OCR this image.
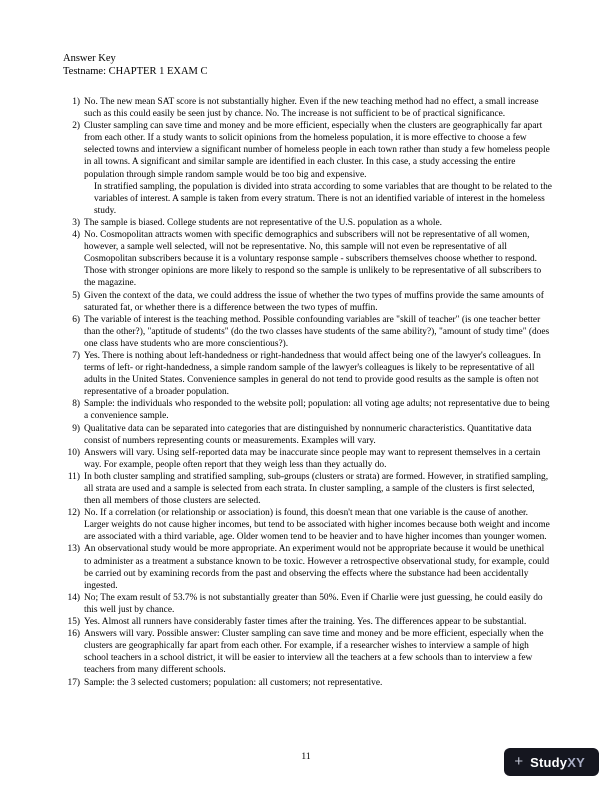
Answer Key
Testname: CHAPTER 1 EXAM C
1) No. The new mean SAT score is not substantially higher. Even if the new teaching method had no effect, a small increase such as this could easily be seen just by chance. No. The increase is not sufficient to be of practical significance.
2) Cluster sampling can save time and money and be more efficient, especially when the clusters are geographically far apart from each other. If a study wants to solicit opinions from the homeless population, it is more effective to choose a few selected towns and interview a significant number of homeless people in each town rather than study a few homeless people in all towns. A significant and similar sample are identified in each cluster. In this case, a study accessing the entire population through simple random sample would be too big and expensive.
In stratified sampling, the population is divided into strata according to some variables that are thought to be related to the variables of interest. A sample is taken from every stratum. There is not an identified variable of interest in the homeless study.
3) The sample is biased. College students are not representative of the U.S. population as a whole.
4) No. Cosmopolitan attracts women with specific demographics and subscribers will not be representative of all women, however, a sample well selected, will not be representative. No, this sample will not even be representative of all Cosmopolitan subscribers because it is a voluntary response sample - subscribers themselves choose whether to respond. Those with stronger opinions are more likely to respond so the sample is unlikely to be representative of all subscribers to the magazine.
5) Given the context of the data, we could address the issue of whether the two types of muffins provide the same amounts of saturated fat, or whether there is a difference between the two types of muffin.
6) The variable of interest is the teaching method. Possible confounding variables are "skill of teacher" (is one teacher better than the other?), "aptitude of students" (do the two classes have students of the same ability?), "amount of study time" (does one class have students who are more conscientious?).
7) Yes. There is nothing about left-handedness or right-handedness that would affect being one of the lawyer's colleagues. In terms of left- or right-handedness, a simple random sample of the lawyer's colleagues is likely to be representative of all adults in the United States. Convenience samples in general do not tend to provide good results as the sample is often not representative of a broader population.
8) Sample: the individuals who responded to the website poll; population: all voting age adults; not representative due to being a convenience sample.
9) Qualitative data can be separated into categories that are distinguished by nonnumeric characteristics. Quantitative data consist of numbers representing counts or measurements. Examples will vary.
10) Answers will vary. Using self-reported data may be inaccurate since people may want to represent themselves in a certain way. For example, people often report that they weigh less than they actually do.
11) In both cluster sampling and stratified sampling, sub-groups (clusters or strata) are formed. However, in stratified sampling, all strata are used and a sample is selected from each strata. In cluster sampling, a sample of the clusters is first selected, then all members of those clusters are selected.
12) No. If a correlation (or relationship or association) is found, this doesn't mean that one variable is the cause of another. Larger weights do not cause higher incomes, but tend to be associated with higher incomes because both weight and income are associated with a third variable, age. Older women tend to be heavier and to have higher incomes than younger women.
13) An observational study would be more appropriate. An experiment would not be appropriate because it would be unethical to administer as a treatment a substance known to be toxic. However a retrospective observational study, for example, could be carried out by examining records from the past and observing the effects where the substance had been accidentally ingested.
14) No; The exam result of 53.7% is not substantially greater than 50%. Even if Charlie were just guessing, he could easily do this well just by chance.
15) Yes. Almost all runners have considerably faster times after the training. Yes. The differences appear to be substantial.
16) Answers will vary. Possible answer: Cluster sampling can save time and money and be more efficient, especially when the clusters are geographically far apart from each other. For example, if a researcher wishes to interview a sample of high school teachers in a school district, it will be easier to interview all the teachers at a few schools than to interview a few teachers from many different schools.
17) Sample: the 3 selected customers; population: all customers; not representative.
11	+ StudyXY
